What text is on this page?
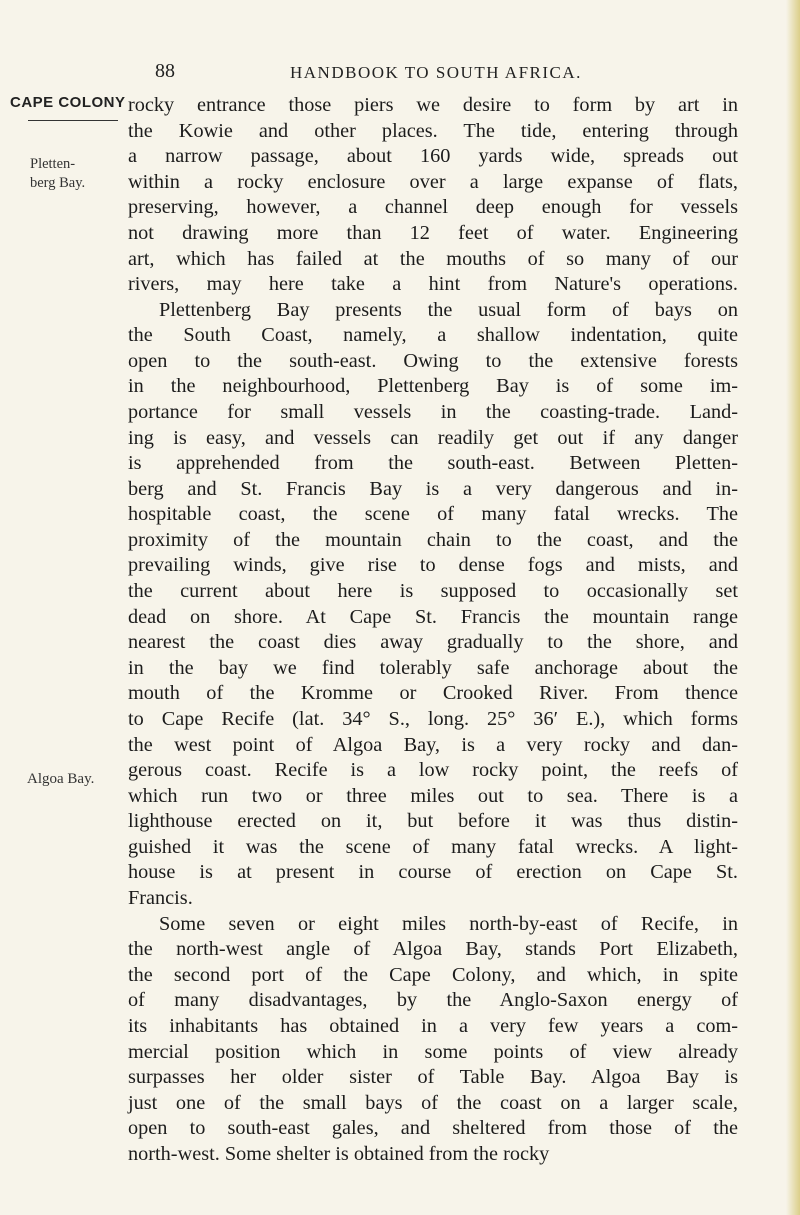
88	HANDBOOK TO SOUTH AFRICA.
CAPE COLONY
Pletten-
berg Bay.
Algoa Bay.
rocky entrance those piers we desire to form by art in
the Kowie and other places. The tide, entering through
a narrow passage, about 160 yards wide, spreads out
within a rocky enclosure over a large expanse of flats,
preserving, however, a channel deep enough for vessels
not drawing more than 12 feet of water. Engineering
art, which has failed at the mouths of so many of our
rivers, may here take a hint from Nature's operations.
Plettenberg Bay presents the usual form of bays on
the South Coast, namely, a shallow indentation, quite
open to the south-east. Owing to the extensive forests
in the neighbourhood, Plettenberg Bay is of some im-
portance for small vessels in the coasting-trade. Land-
ing is easy, and vessels can readily get out if any danger
is apprehended from the south-east. Between Pletten-
berg and St. Francis Bay is a very dangerous and in-
hospitable coast, the scene of many fatal wrecks. The
proximity of the mountain chain to the coast, and the
prevailing winds, give rise to dense fogs and mists, and
the current about here is supposed to occasionally set
dead on shore. At Cape St. Francis the mountain range
nearest the coast dies away gradually to the shore, and
in the bay we find tolerably safe anchorage about the
mouth of the Kromme or Crooked River. From thence
to Cape Recife (lat. 34° S., long. 25° 36′ E.), which forms
the west point of Algoa Bay, is a very rocky and dan-
gerous coast. Recife is a low rocky point, the reefs of
which run two or three miles out to sea. There is a
lighthouse erected on it, but before it was thus distin-
guished it was the scene of many fatal wrecks. A light-
house is at present in course of erection on Cape St.
Francis.
Some seven or eight miles north-by-east of Recife, in
the north-west angle of Algoa Bay, stands Port Elizabeth,
the second port of the Cape Colony, and which, in spite
of many disadvantages, by the Anglo-Saxon energy of
its inhabitants has obtained in a very few years a com-
mercial position which in some points of view already
surpasses her older sister of Table Bay. Algoa Bay is
just one of the small bays of the coast on a larger scale,
open to south-east gales, and sheltered from those of the
north-west. Some shelter is obtained from the rocky
